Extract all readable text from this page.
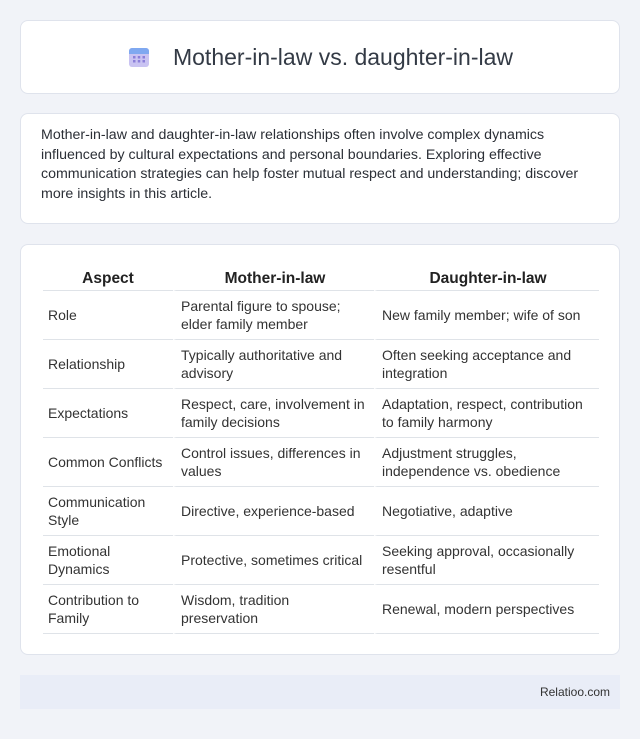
Mother-in-law vs. daughter-in-law

Mother-in-law and daughter-in-law relationships often involve complex dynamics influenced by cultural expectations and personal boundaries. Exploring effective communication strategies can help foster mutual respect and understanding; discover more insights in this article.

Aspect	Mother-in-law	Daughter-in-law
Role	Parental figure to spouse; elder family member	New family member; wife of son
Relationship	Typically authoritative and advisory	Often seeking acceptance and integration
Expectations	Respect, care, involvement in family decisions	Adaptation, respect, contribution to family harmony
Common Conflicts	Control issues, differences in values	Adjustment struggles, independence vs. obedience
Communication Style	Directive, experience-based	Negotiative, adaptive
Emotional Dynamics	Protective, sometimes critical	Seeking approval, occasionally resentful
Contribution to Family	Wisdom, tradition preservation	Renewal, modern perspectives
Relatioo.com
